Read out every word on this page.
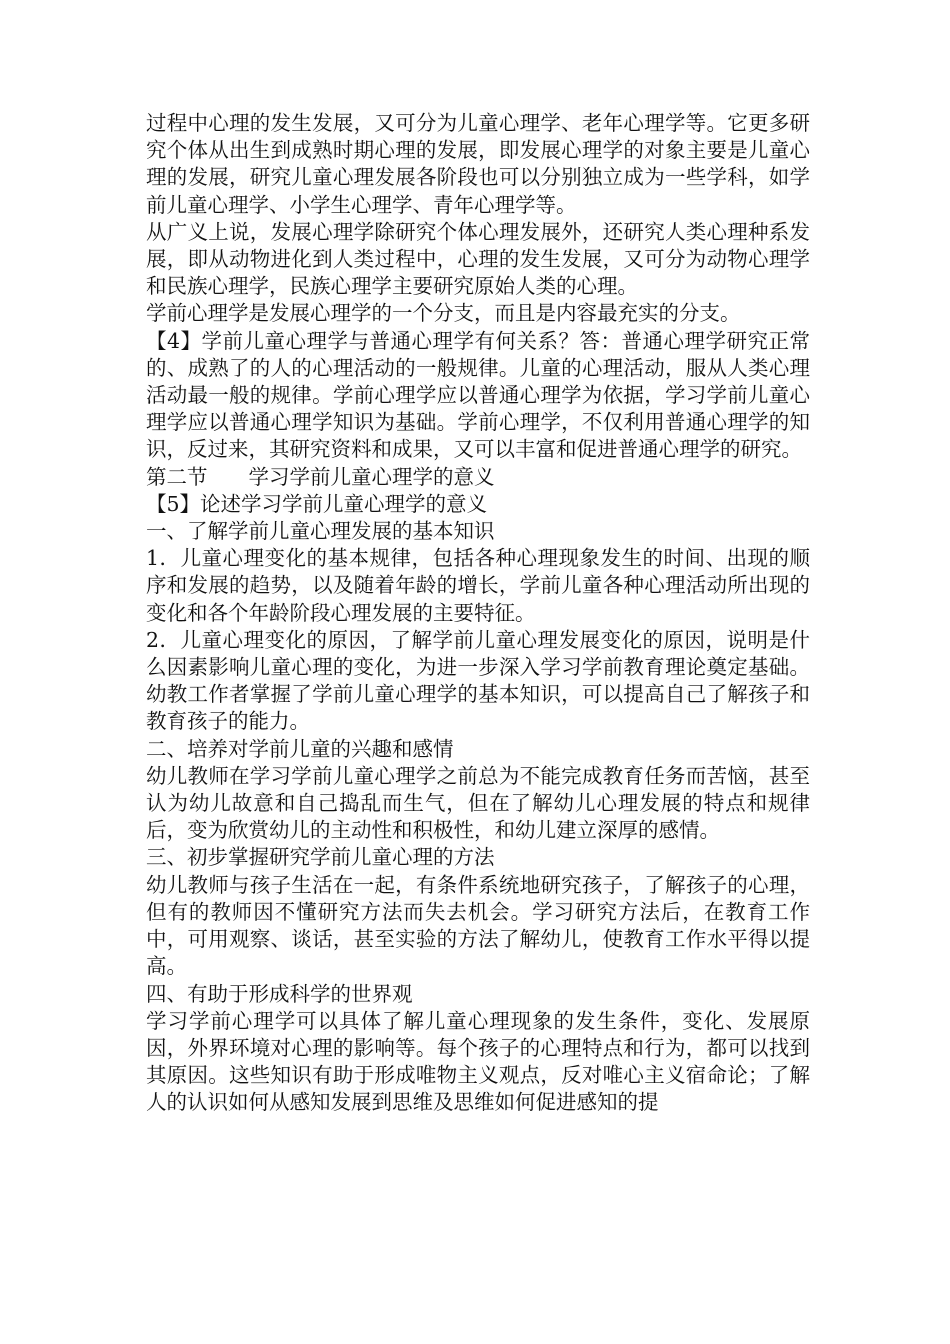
过程中心理的发生发展，又可分为儿童心理学、老年心理学等。它更多研究个体从出生到成熟时期心理的发展，即发展心理学的对象主要是儿童心理的发展，研究儿童心理发展各阶段也可以分别独立成为一些学科，如学前儿童心理学、小学生心理学、青年心理学等。

从广义上说，发展心理学除研究个体心理发展外，还研究人类心理种系发展，即从动物进化到人类过程中，心理的发生发展，又可分为动物心理学和民族心理学，民族心理学主要研究原始人类的心理。

学前心理学是发展心理学的一个分支，而且是内容最充实的分支。

【4】学前儿童心理学与普通心理学有何关系？答：普通心理学研究正常的、成熟了的人的心理活动的一般规律。儿童的心理活动，服从人类心理活动最一般的规律。学前心理学应以普通心理学为依据，学习学前儿童心理学应以普通心理学知识为基础。学前心理学，不仅利用普通心理学的知识，反过来，其研究资料和成果，又可以丰富和促进普通心理学的研究。

第二节　　学习学前儿童心理学的意义

【5】论述学习学前儿童心理学的意义

一、了解学前儿童心理发展的基本知识

1．儿童心理变化的基本规律，包括各种心理现象发生的时间、出现的顺序和发展的趋势，以及随着年龄的增长，学前儿童各种心理活动所出现的变化和各个年龄阶段心理发展的主要特征。

2．儿童心理变化的原因，了解学前儿童心理发展变化的原因，说明是什么因素影响儿童心理的变化，为进一步深入学习学前教育理论奠定基础。幼教工作者掌握了学前儿童心理学的基本知识，可以提高自己了解孩子和教育孩子的能力。

二、培养对学前儿童的兴趣和感情

幼儿教师在学习学前儿童心理学之前总为不能完成教育任务而苦恼，甚至认为幼儿故意和自己捣乱而生气，但在了解幼儿心理发展的特点和规律后，变为欣赏幼儿的主动性和积极性，和幼儿建立深厚的感情。

三、初步掌握研究学前儿童心理的方法

幼儿教师与孩子生活在一起，有条件系统地研究孩子，了解孩子的心理，但有的教师因不懂研究方法而失去机会。学习研究方法后，在教育工作中，可用观察、谈话，甚至实验的方法了解幼儿，使教育工作水平得以提高。

四、有助于形成科学的世界观

学习学前心理学可以具体了解儿童心理现象的发生条件，变化、发展原因，外界环境对心理的影响等。每个孩子的心理特点和行为，都可以找到其原因。这些知识有助于形成唯物主义观点，反对唯心主义宿命论；了解人的认识如何从感知发展到思维及思维如何促进感知的提
